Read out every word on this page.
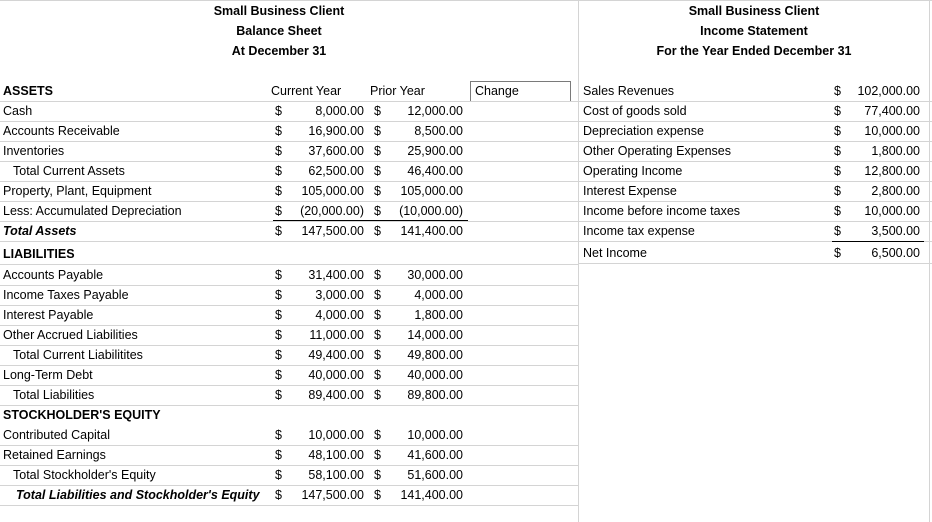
Small Business Client
Balance Sheet
At December 31
Small Business Client
Income Statement
For the Year Ended December 31
ASSETS	Current Year Prior Year	Change
Cash	$	8,000.00 $ 12,000.00
Accounts Receivable	$ 16,900.00 $	8,500.00
Inventories	$ 37,600.00 $ 25,900.00
Total Current Assets	$ 62,500.00 $ 46,400.00
Property, Plant, Equipment	$ 105,000.00 $ 105,000.00
Less: Accumulated Depreciation	$ (20,000.00) $ (10,000.00)
Total Assets	$ 147,500.00 $ 141,400.00
LIABILITIES
Accounts Payable	$ 31,400.00 $ 30,000.00
Income Taxes Payable	$	3,000.00 $	4,000.00
Interest Payable	$	4,000.00 $	1,800.00
Other Accrued Liabilities	$ 11,000.00 $ 14,000.00
Total Current Liabilitites	$ 49,400.00 $ 49,800.00
Long-Term Debt	$ 40,000.00 $ 40,000.00
Total Liabilities	$ 89,400.00 $ 89,800.00
STOCKHOLDER'S EQUITY
Contributed Capital	$ 10,000.00 $ 10,000.00
Retained Earnings	$ 48,100.00 $ 41,600.00
Total Stockholder's Equity	$ 58,100.00 $ 51,600.00
Total Liabilities and Stockholder's Equity $ 147,500.00 $ 141,400.00
Sales Revenues	$ 102,000.00
Cost of goods sold	$ 77,400.00
Depreciation expense	$ 10,000.00
Other Operating Expenses	$ 1,800.00
Operating Income	$ 12,800.00
Interest Expense	$ 2,800.00
Income before income taxes	$ 10,000.00
Income tax expense	$ 3,500.00
Net Income	$ 6,500.00
